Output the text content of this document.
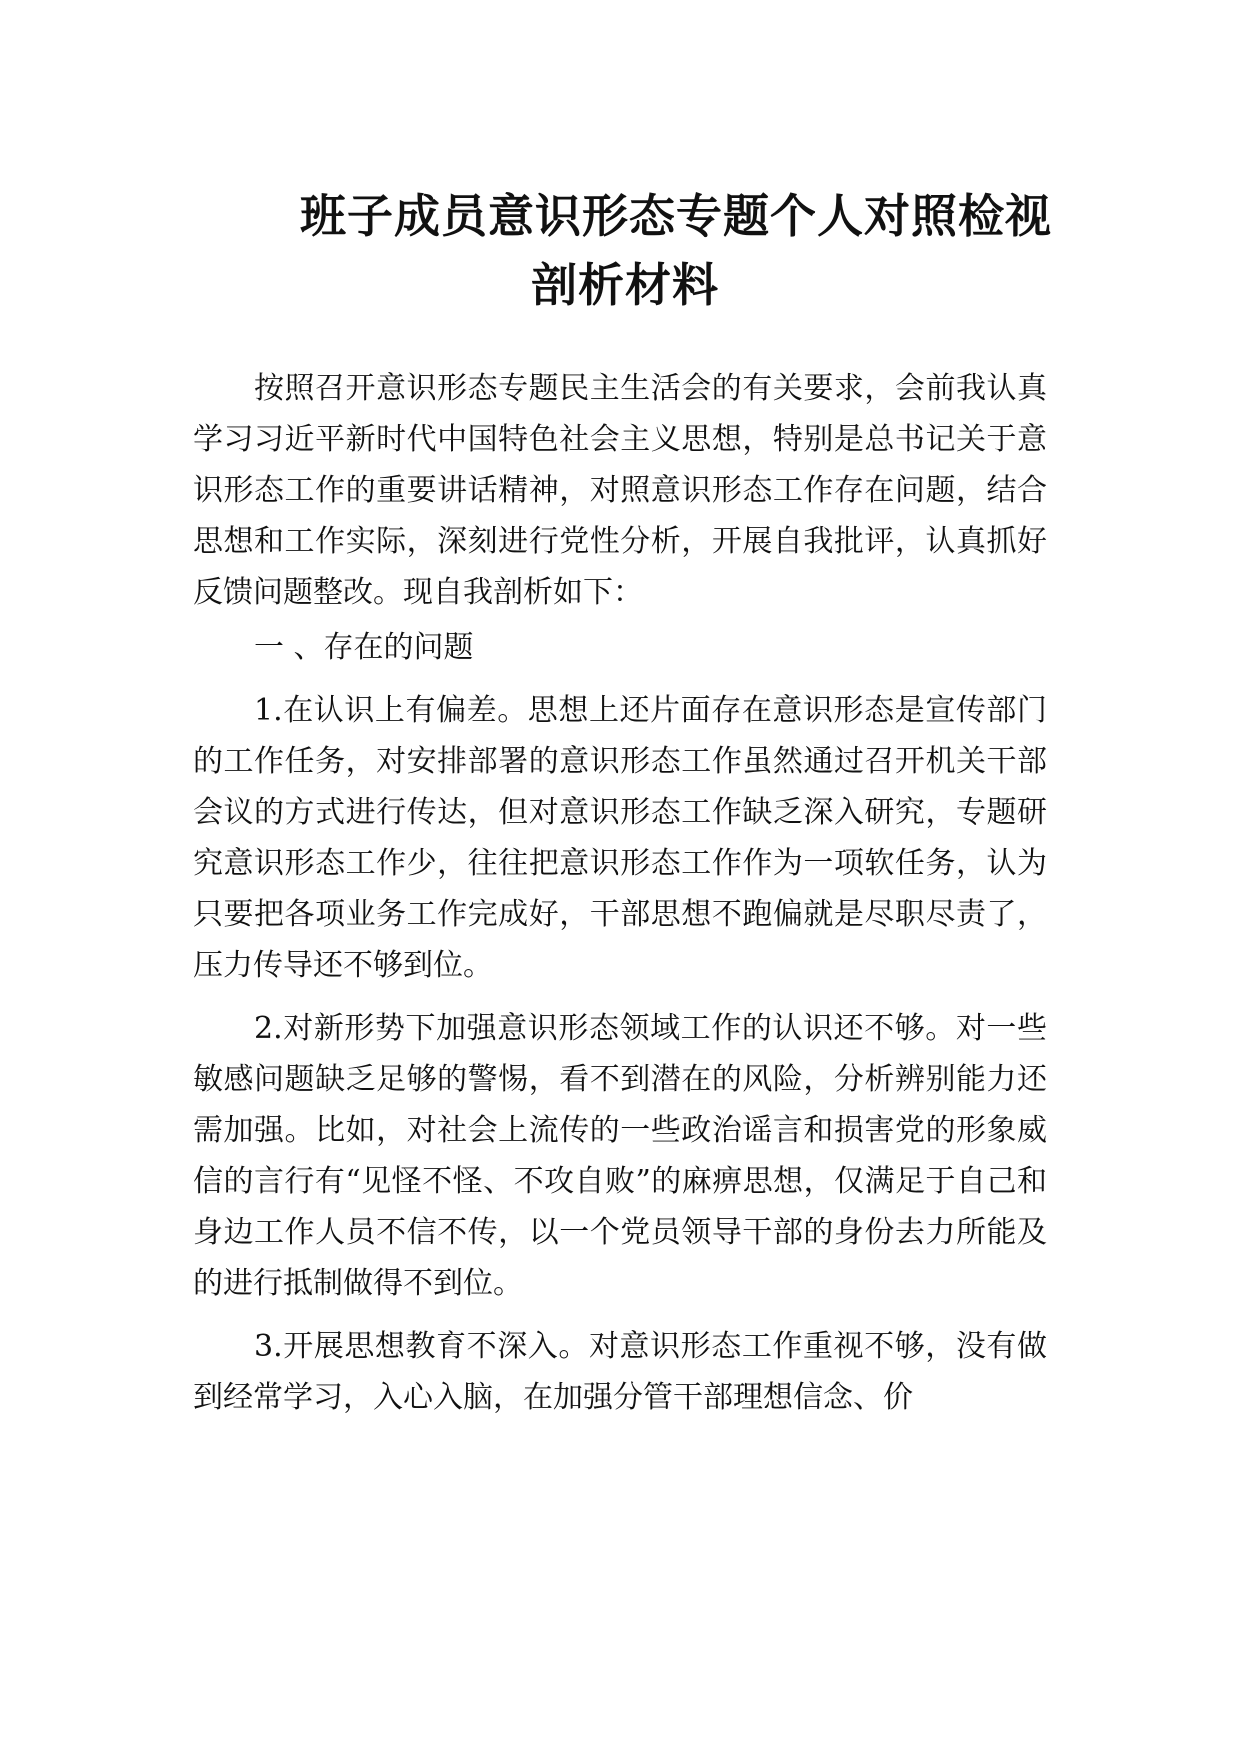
班子成员意识形态专题个人对照检视
剖析材料

按照召开意识形态专题民主生活会的有关要求，会前我认真学习习近平新时代中国特色社会主义思想，特别是总书记关于意识形态工作的重要讲话精神，对照意识形态工作存在问题，结合思想和工作实际，深刻进行党性分析，开展自我批评，认真抓好反馈问题整改。现自我剖析如下：

一 、存在的问题

1.在认识上有偏差。思想上还片面存在意识形态是宣传部门的工作任务，对安排部署的意识形态工作虽然通过召开机关干部会议的方式进行传达，但对意识形态工作缺乏深入研究，专题研究意识形态工作少，往往把意识形态工作作为一项软任务，认为只要把各项业务工作完成好，干部思想不跑偏就是尽职尽责了，压力传导还不够到位。

2.对新形势下加强意识形态领域工作的认识还不够。对一些敏感问题缺乏足够的警惕，看不到潜在的风险，分析辨别能力还需加强。比如，对社会上流传的一些政治谣言和损害党的形象威信的言行有“见怪不怪、不攻自败”的麻痹思想，仅满足于自己和身边工作人员不信不传，以一个党员领导干部的身份去力所能及的进行抵制做得不到位。

3.开展思想教育不深入。对意识形态工作重视不够，没有做到经常学习，入心入脑，在加强分管干部理想信念、价
